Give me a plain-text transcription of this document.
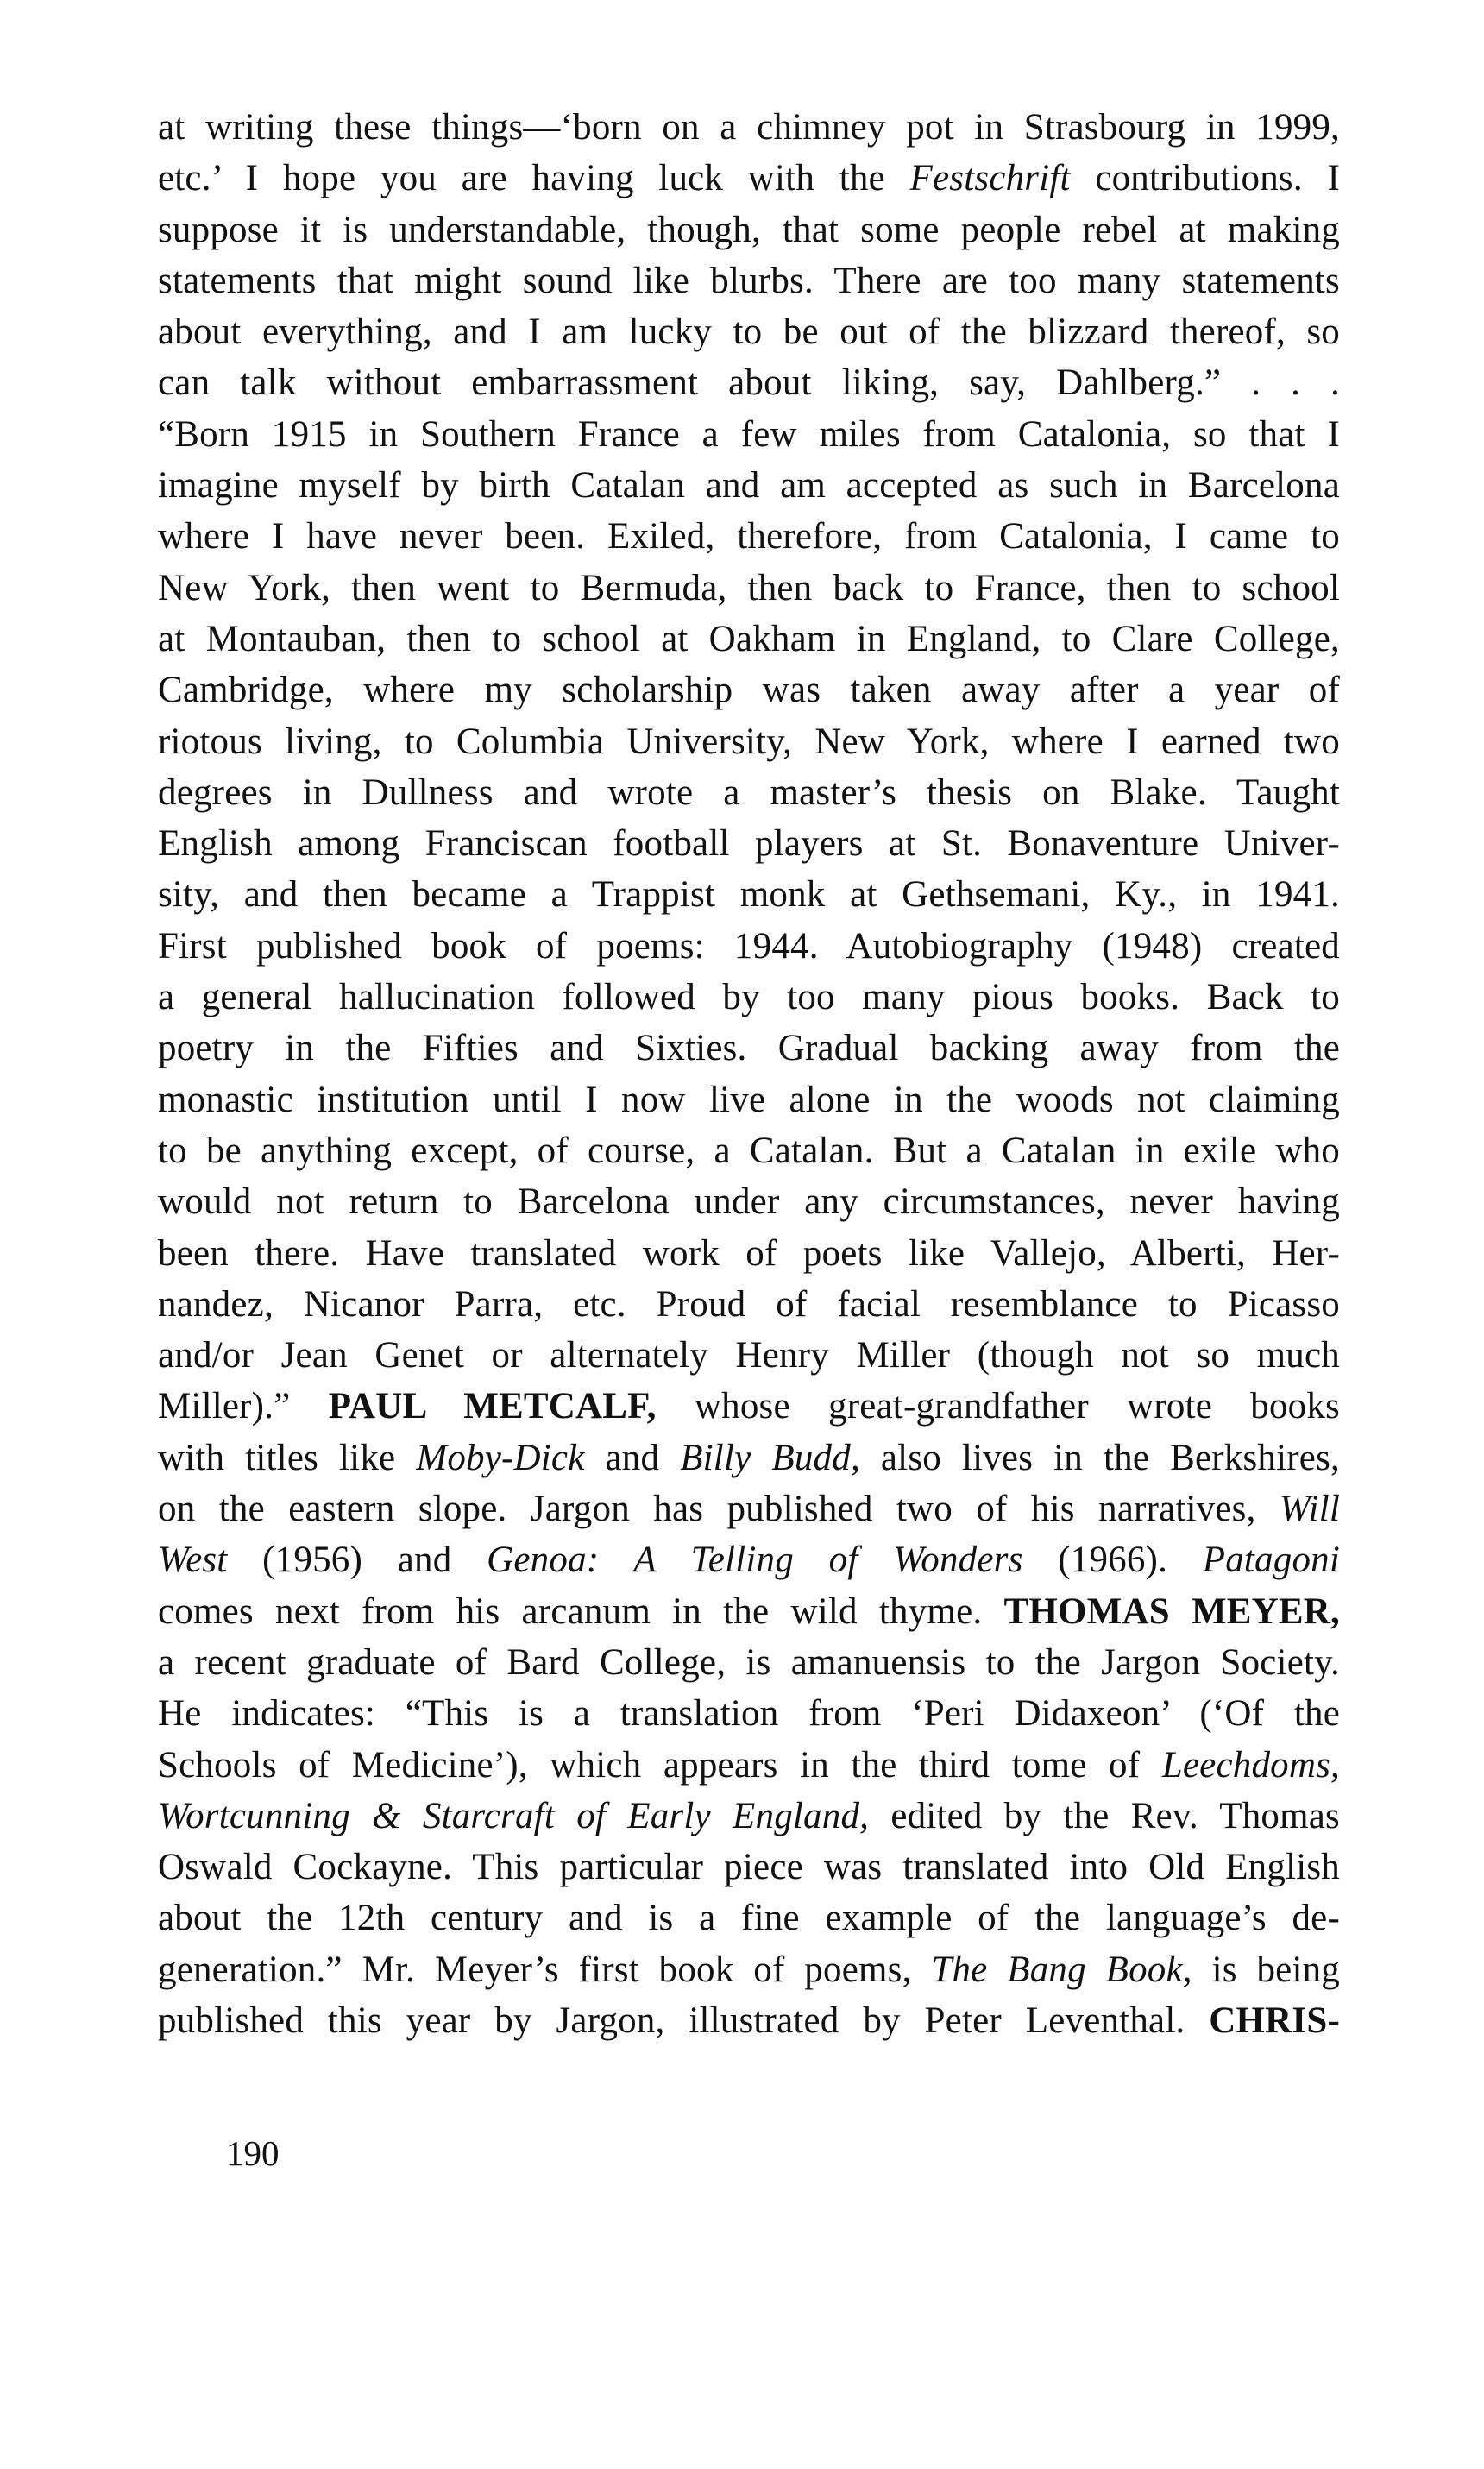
at writing these things—‘born on a chimney pot in Strasbourg in 1999,
etc.’ I hope you are having luck with the Festschrift contributions. I
suppose it is understandable, though, that some people rebel at making
statements that might sound like blurbs. There are too many statements
about everything, and I am lucky to be out of the blizzard thereof, so
can talk without embarrassment about liking, say, Dahlberg.” . . .
“Born 1915 in Southern France a few miles from Catalonia, so that I
imagine myself by birth Catalan and am accepted as such in Barcelona
where I have never been. Exiled, therefore, from Catalonia, I came to
New York, then went to Bermuda, then back to France, then to school
at Montauban, then to school at Oakham in England, to Clare College,
Cambridge, where my scholarship was taken away after a year of
riotous living, to Columbia University, New York, where I earned two
degrees in Dullness and wrote a master’s thesis on Blake. Taught
English among Franciscan football players at St. Bonaventure Univer-
sity, and then became a Trappist monk at Gethsemani, Ky., in 1941.
First published book of poems: 1944. Autobiography (1948) created
a general hallucination followed by too many pious books. Back to
poetry in the Fifties and Sixties. Gradual backing away from the
monastic institution until I now live alone in the woods not claiming
to be anything except, of course, a Catalan. But a Catalan in exile who
would not return to Barcelona under any circumstances, never having
been there. Have translated work of poets like Vallejo, Alberti, Her-
nandez, Nicanor Parra, etc. Proud of facial resemblance to Picasso
and/or Jean Genet or alternately Henry Miller (though not so much
Miller).” PAUL METCALF, whose great-grandfather wrote books
with titles like Moby-Dick and Billy Budd, also lives in the Berkshires,
on the eastern slope. Jargon has published two of his narratives, Will
West (1956) and Genoa: A Telling of Wonders (1966). Patagoni
comes next from his arcanum in the wild thyme. THOMAS MEYER,
a recent graduate of Bard College, is amanuensis to the Jargon Society.
He indicates: “This is a translation from ‘Peri Didaxeon’ (‘Of the
Schools of Medicine’), which appears in the third tome of Leechdoms,
Wortcunning & Starcraft of Early England, edited by the Rev. Thomas
Oswald Cockayne. This particular piece was translated into Old English
about the 12th century and is a fine example of the language’s de-
generation.” Mr. Meyer’s first book of poems, The Bang Book, is being
published this year by Jargon, illustrated by Peter Leventhal. CHRIS-
190
